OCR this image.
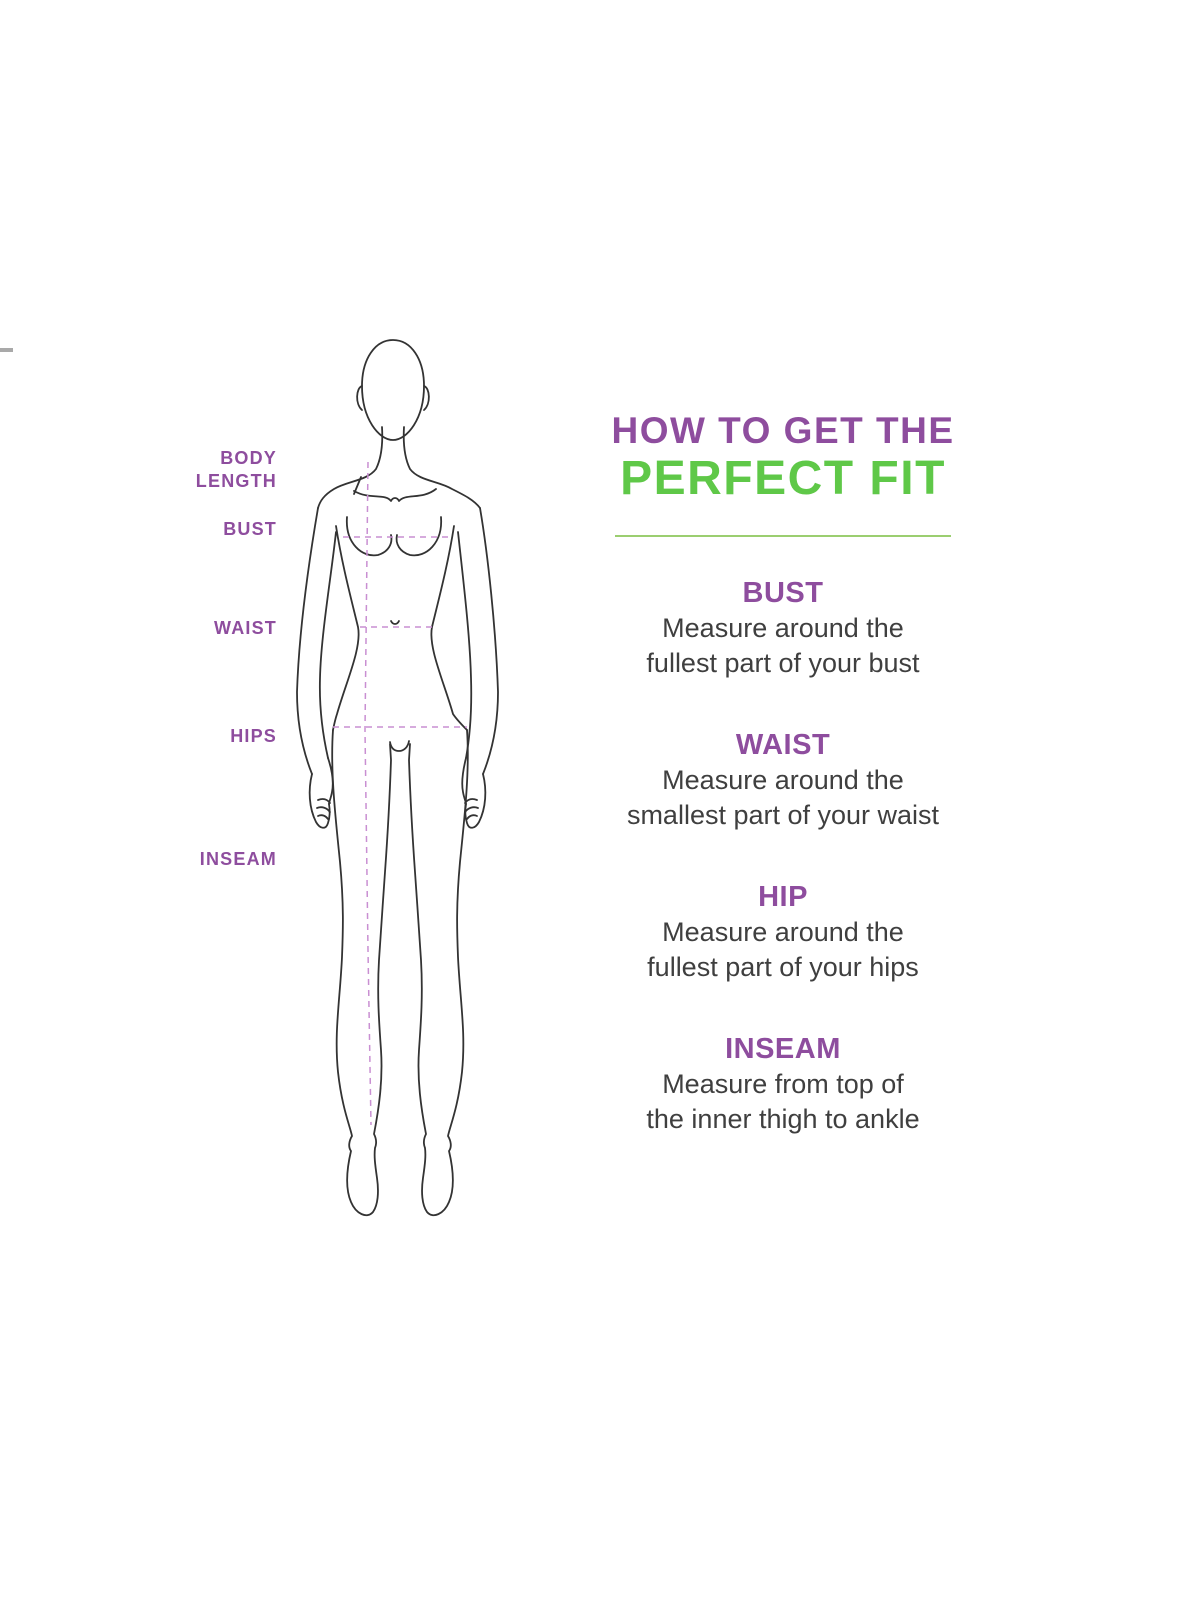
BODY LENGTH
BUST
WAIST
HIPS
INSEAM
HOW TO GET THE
PERFECT FIT
BUST

Measure around the

fullest part of your bust

WAIST

Measure around the

smallest part of your waist

HIP

Measure around the

fullest part of your hips

INSEAM

Measure from top of

the inner thigh to ankle
